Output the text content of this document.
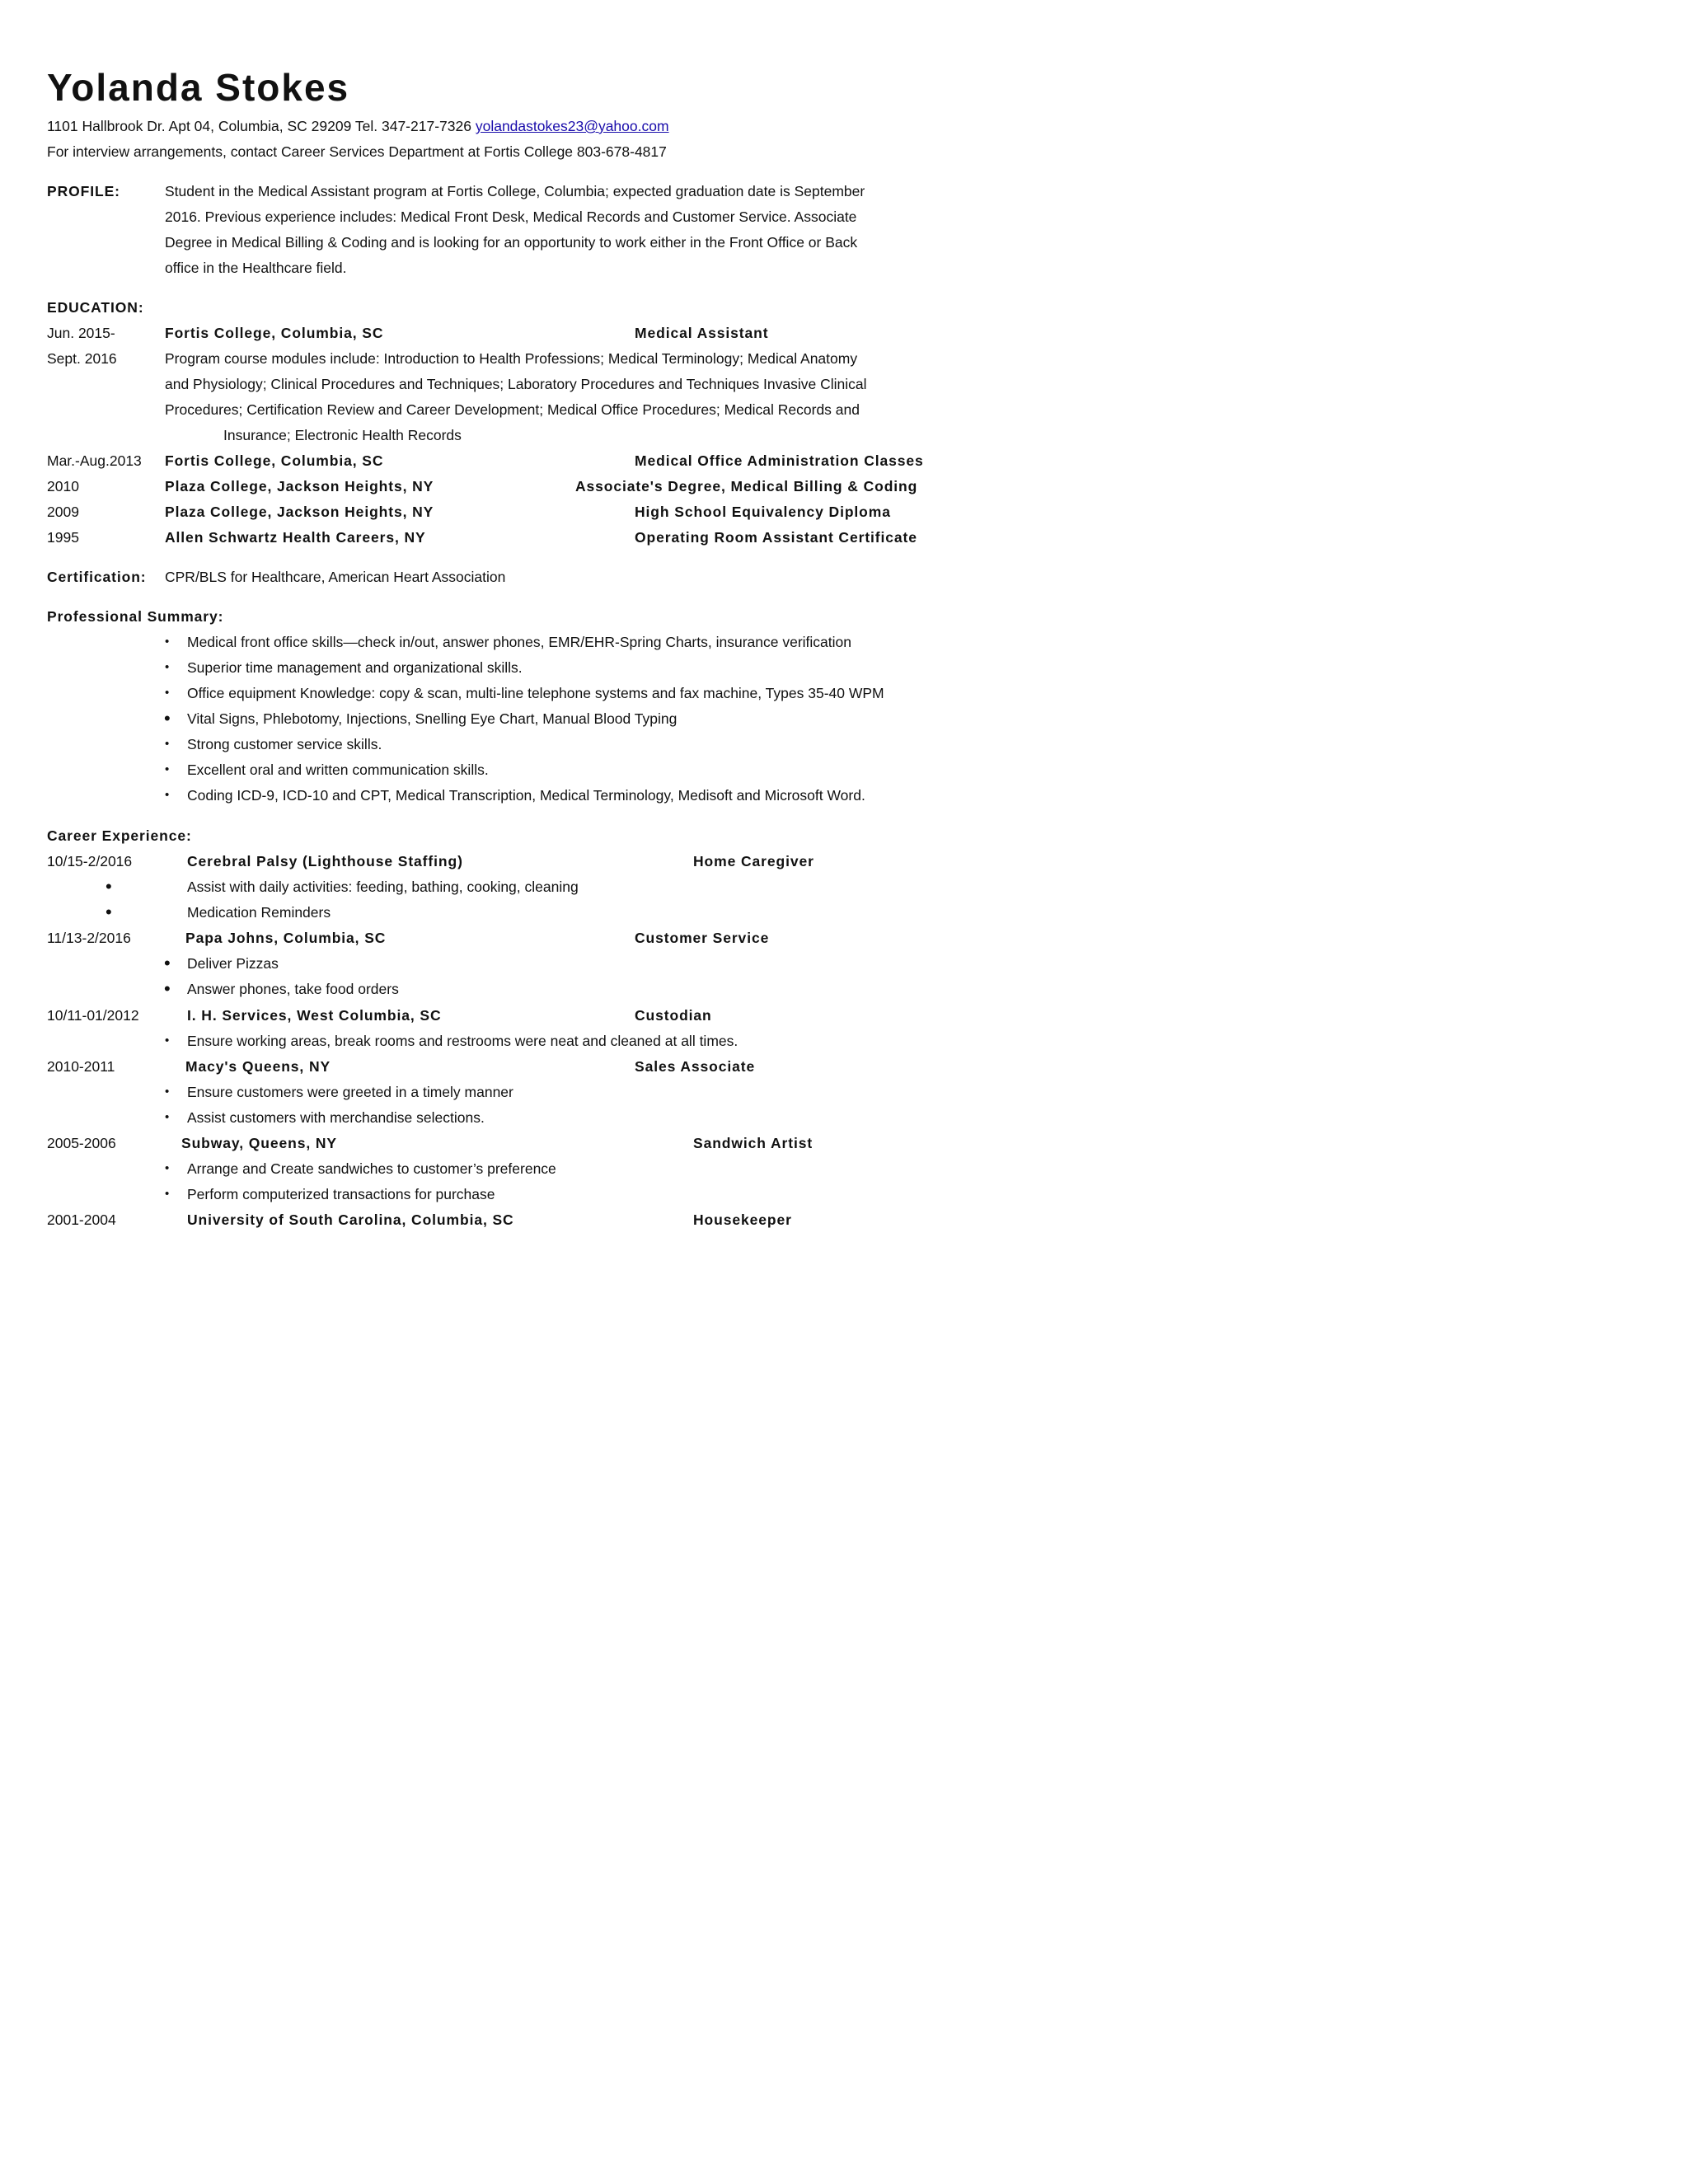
Yolanda Stokes
1101 Hallbrook Dr. Apt 04, Columbia, SC 29209 Tel. 347-217-7326 yolandastokes23@yahoo.com
For interview arrangements, contact Career Services Department at Fortis College 803-678-4817
PROFILE:	Student in the Medical Assistant program at Fortis College, Columbia; expected graduation date is September
2016. Previous experience includes: Medical Front Desk, Medical Records and Customer Service. Associate
Degree in Medical Billing & Coding and is looking for an opportunity to work either in the Front Office or Back
office in the Healthcare field.
EDUCATION:
Jun. 2015-	Fortis College, Columbia, SC	Medical Assistant
Sept. 2016	Program course modules include: Introduction to Health Professions; Medical Terminology; Medical Anatomy
and Physiology; Clinical Procedures and Techniques; Laboratory Procedures and Techniques Invasive Clinical
Procedures; Certification Review and Career Development; Medical Office Procedures; Medical Records and
Insurance; Electronic Health Records
Mar.-Aug.2013 Fortis College, Columbia, SC	Medical Office Administration Classes
2010	Plaza College, Jackson Heights, NY	Associate's Degree, Medical Billing & Coding
2009	Plaza College, Jackson Heights, NY	High School Equivalency Diploma
1995	Allen Schwartz Health Careers, NY	Operating Room Assistant Certificate
Certification: CPR/BLS for Healthcare, American Heart Association
Professional Summary:
• Medical front office skills—check in/out, answer phones, EMR/EHR-Spring Charts, insurance verification
• Superior time management and organizational skills.
• Office equipment Knowledge: copy & scan, multi-line telephone systems and fax machine, Types 35-40 WPM
• Vital Signs, Phlebotomy, Injections, Snelling Eye Chart, Manual Blood Typing
• Strong customer service skills.
• Excellent oral and written communication skills.
• Coding ICD-9, ICD-10 and CPT, Medical Transcription, Medical Terminology, Medisoft and Microsoft Word.
Career Experience:
10/15-2/2016	Cerebral Palsy (Lighthouse Staffing)	Home Caregiver
•	Assist with daily activities: feeding, bathing, cooking, cleaning
•	Medication Reminders
11/13-2/2016	Papa Johns, Columbia, SC	Customer Service
• Deliver Pizzas
• Answer phones, take food orders
10/11-01/2012	I. H. Services, West Columbia, SC	Custodian
• Ensure working areas, break rooms and restrooms were neat and cleaned at all times.
2010-2011	Macy's Queens, NY	Sales Associate
• Ensure customers were greeted in a timely manner
• Assist customers with merchandise selections.
2005-2006	Subway, Queens, NY	Sandwich Artist
• Arrange and Create sandwiches to customer’s preference
• Perform computerized transactions for purchase
2001-2004	University of South Carolina, Columbia, SC	Housekeeper
